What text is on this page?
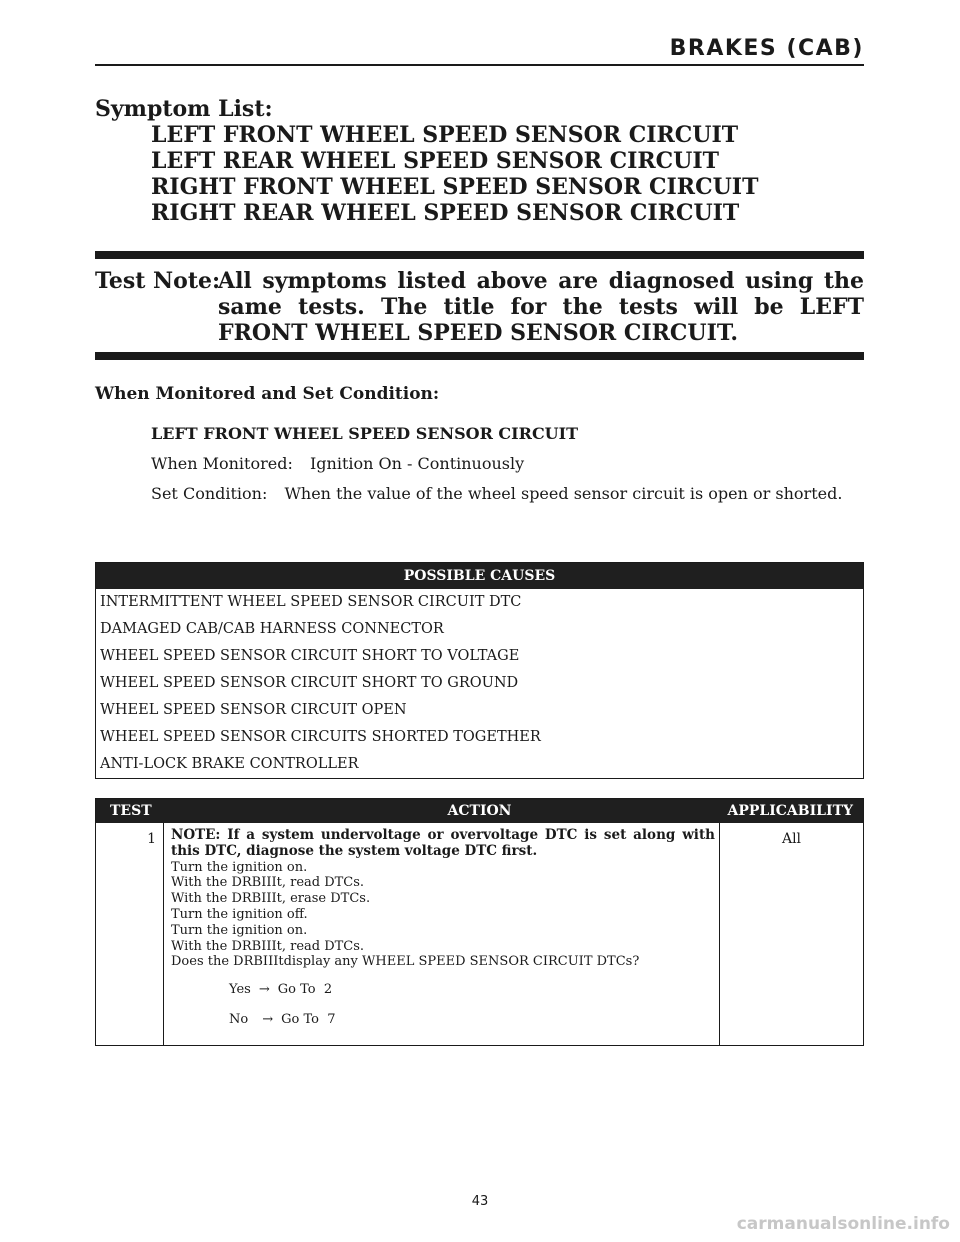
BRAKES (CAB)
Symptom List:
LEFT FRONT WHEEL SPEED SENSOR CIRCUIT
LEFT REAR WHEEL SPEED SENSOR CIRCUIT
RIGHT FRONT WHEEL SPEED SENSOR CIRCUIT
RIGHT REAR WHEEL SPEED SENSOR CIRCUIT
Test Note:
All symptoms listed above are diagnosed using the same tests. The title for the tests will be LEFT FRONT WHEEL SPEED SENSOR CIRCUIT.
When Monitored and Set Condition:
LEFT FRONT WHEEL SPEED SENSOR CIRCUIT
When Monitored: Ignition On - Continuously
Set Condition: When the value of the wheel speed sensor circuit is open or shorted.
POSSIBLE CAUSES
INTERMITTENT WHEEL SPEED SENSOR CIRCUIT DTC
DAMAGED CAB/CAB HARNESS CONNECTOR
WHEEL SPEED SENSOR CIRCUIT SHORT TO VOLTAGE
WHEEL SPEED SENSOR CIRCUIT SHORT TO GROUND
WHEEL SPEED SENSOR CIRCUIT OPEN
WHEEL SPEED SENSOR CIRCUITS SHORTED TOGETHER
ANTI-LOCK BRAKE CONTROLLER
TEST	ACTION	APPLICABILITY
1 NOTE: If a system undervoltage or overvoltage DTC is set along with this DTC, diagnose the system voltage DTC first.
Turn the ignition on.
With the DRBIIIt, read DTCs.
With the DRBIIIt, erase DTCs.
Turn the ignition off.
Turn the ignition on.
With the DRBIIIt, read DTCs.
Does the DRBIIItdisplay any WHEEL SPEED SENSOR CIRCUIT DTCs?
Yes → Go To  2
No → Go To  7
All
43
carmanualsonline.info
